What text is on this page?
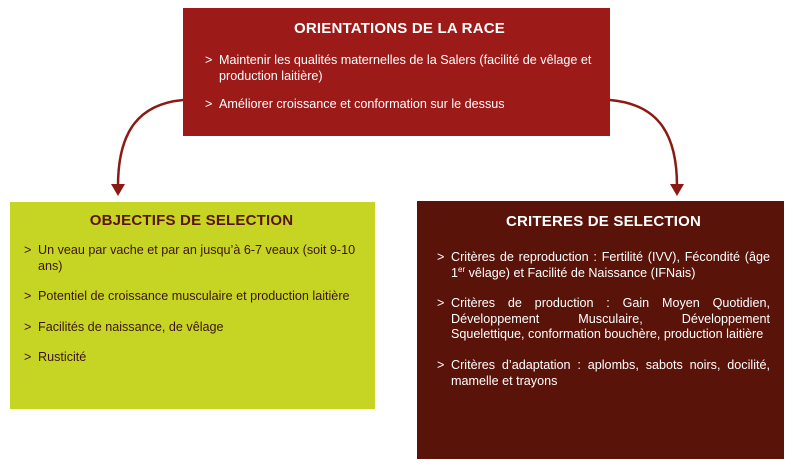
ORIENTATIONS DE LA RACE
> Maintenir les qualités maternelles de la Salers (facilité de vêlage et production laitière)
> Améliorer croissance et conformation sur le dessus
OBJECTIFS DE SELECTION
> Un veau par vache et par an jusqu’à 6-7 veaux (soit 9-10 ans)
> Potentiel de croissance musculaire et production laitière
> Facilités de naissance, de vêlage
> Rusticité
CRITERES DE SELECTION
> Critères de reproduction : Fertilité (IVV), Fécondité (âge 1er vêlage) et Facilité de Naissance (IFNais)
> Critères de production : Gain Moyen Quotidien, Développement Musculaire, Développement Squelettique, conformation bouchère, production laitière
> Critères d’adaptation : aplombs, sabots noirs, docilité, mamelle et trayons
